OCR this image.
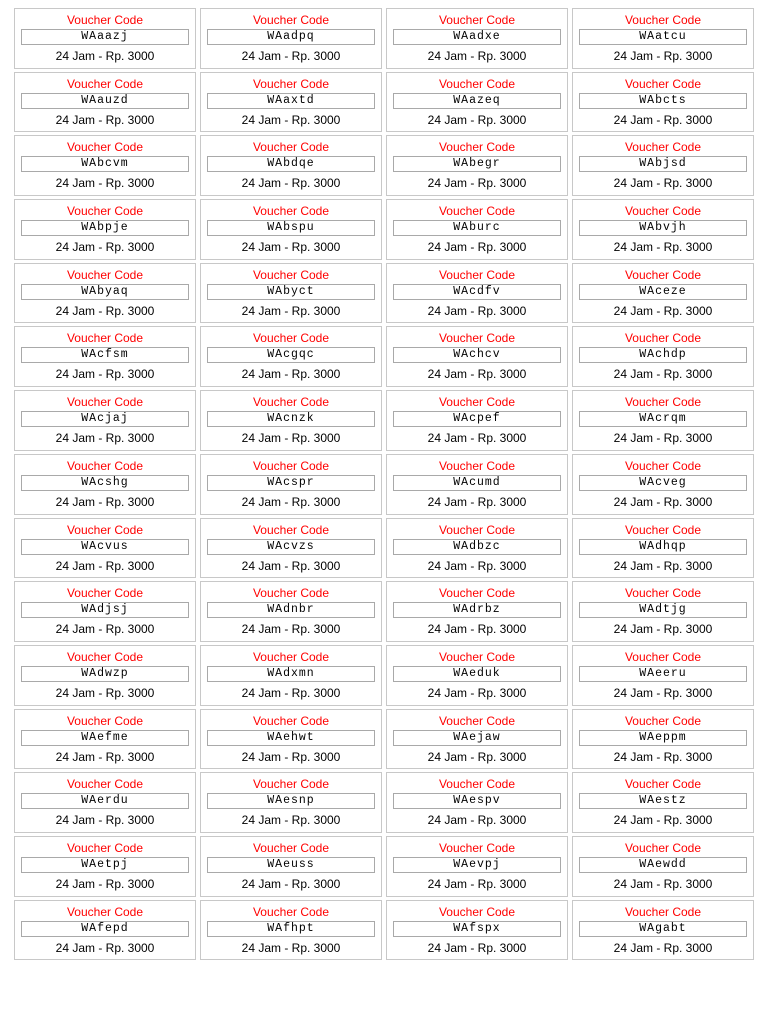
Voucher Code
WAaazj
24 Jam - Rp. 3000
Voucher Code
WAadpq
24 Jam - Rp. 3000
Voucher Code
WAadxe
24 Jam - Rp. 3000
Voucher Code
WAatcu
24 Jam - Rp. 3000
Voucher Code
WAauzd
24 Jam - Rp. 3000
Voucher Code
WAaxtd
24 Jam - Rp. 3000
Voucher Code
WAazeq
24 Jam - Rp. 3000
Voucher Code
WAbcts
24 Jam - Rp. 3000
Voucher Code
WAbcvm
24 Jam - Rp. 3000
Voucher Code
WAbdqe
24 Jam - Rp. 3000
Voucher Code
WAbegr
24 Jam - Rp. 3000
Voucher Code
WAbjsd
24 Jam - Rp. 3000
Voucher Code
WAbpje
24 Jam - Rp. 3000
Voucher Code
WAbspu
24 Jam - Rp. 3000
Voucher Code
WAburc
24 Jam - Rp. 3000
Voucher Code
WAbvjh
24 Jam - Rp. 3000
Voucher Code
WAbyaq
24 Jam - Rp. 3000
Voucher Code
WAbyct
24 Jam - Rp. 3000
Voucher Code
WAcdfv
24 Jam - Rp. 3000
Voucher Code
WAceze
24 Jam - Rp. 3000
Voucher Code
WAcfsm
24 Jam - Rp. 3000
Voucher Code
WAcgqc
24 Jam - Rp. 3000
Voucher Code
WAchcv
24 Jam - Rp. 3000
Voucher Code
WAchdp
24 Jam - Rp. 3000
Voucher Code
WAcjaj
24 Jam - Rp. 3000
Voucher Code
WAcnzk
24 Jam - Rp. 3000
Voucher Code
WAcpef
24 Jam - Rp. 3000
Voucher Code
WAcrqm
24 Jam - Rp. 3000
Voucher Code
WAcshg
24 Jam - Rp. 3000
Voucher Code
WAcspr
24 Jam - Rp. 3000
Voucher Code
WAcumd
24 Jam - Rp. 3000
Voucher Code
WAcveg
24 Jam - Rp. 3000
Voucher Code
WAcvus
24 Jam - Rp. 3000
Voucher Code
WAcvzs
24 Jam - Rp. 3000
Voucher Code
WAdbzc
24 Jam - Rp. 3000
Voucher Code
WAdhqp
24 Jam - Rp. 3000
Voucher Code
WAdjsj
24 Jam - Rp. 3000
Voucher Code
WAdnbr
24 Jam - Rp. 3000
Voucher Code
WAdrbz
24 Jam - Rp. 3000
Voucher Code
WAdtjg
24 Jam - Rp. 3000
Voucher Code
WAdwzp
24 Jam - Rp. 3000
Voucher Code
WAdxmn
24 Jam - Rp. 3000
Voucher Code
WAeduk
24 Jam - Rp. 3000
Voucher Code
WAeeru
24 Jam - Rp. 3000
Voucher Code
WAefme
24 Jam - Rp. 3000
Voucher Code
WAehwt
24 Jam - Rp. 3000
Voucher Code
WAejaw
24 Jam - Rp. 3000
Voucher Code
WAeppm
24 Jam - Rp. 3000
Voucher Code
WAerdu
24 Jam - Rp. 3000
Voucher Code
WAesnp
24 Jam - Rp. 3000
Voucher Code
WAespv
24 Jam - Rp. 3000
Voucher Code
WAestz
24 Jam - Rp. 3000
Voucher Code
WAetpj
24 Jam - Rp. 3000
Voucher Code
WAeuss
24 Jam - Rp. 3000
Voucher Code
WAevpj
24 Jam - Rp. 3000
Voucher Code
WAewdd
24 Jam - Rp. 3000
Voucher Code
WAfepd
24 Jam - Rp. 3000
Voucher Code
WAfhpt
24 Jam - Rp. 3000
Voucher Code
WAfspx
24 Jam - Rp. 3000
Voucher Code
WAgabt
24 Jam - Rp. 3000
